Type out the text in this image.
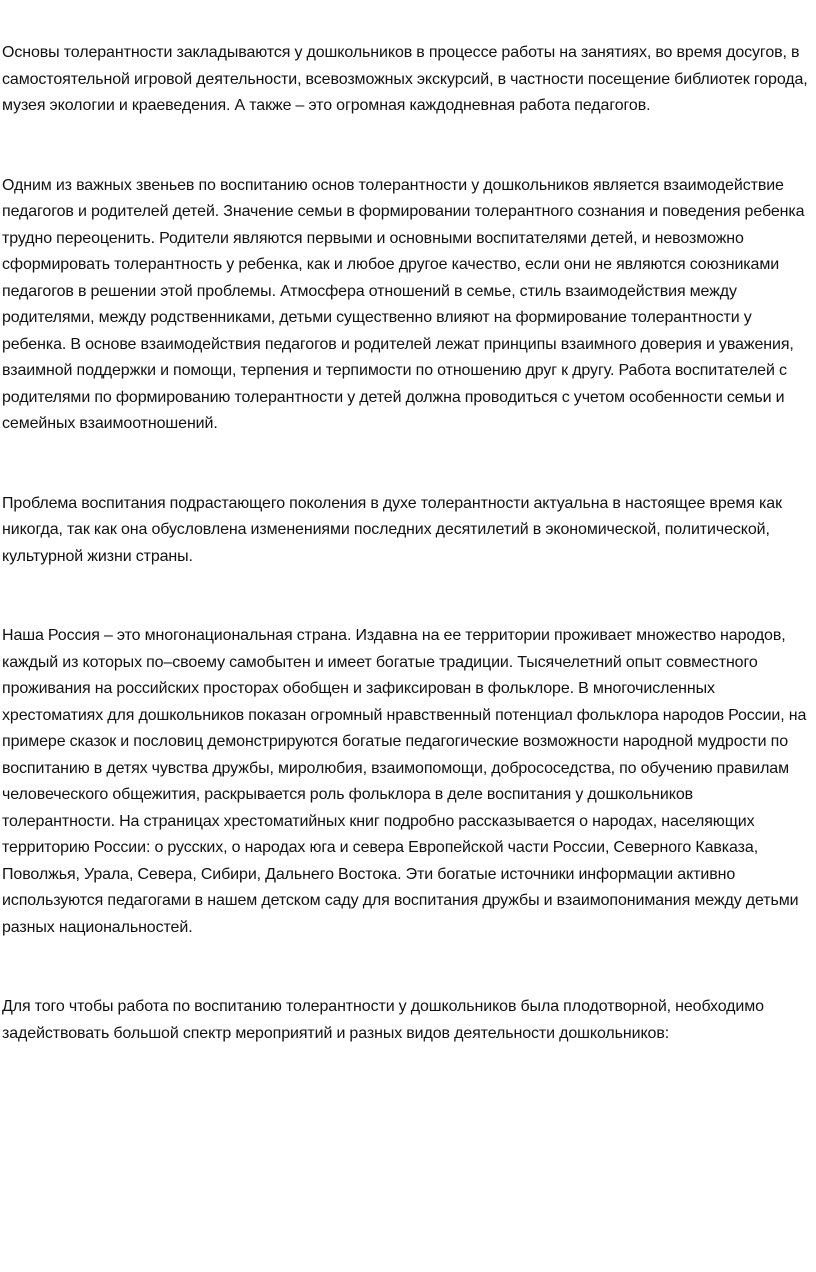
Основы толерантности закладываются у дошкольников в процессе работы на занятиях, во время досугов, в самостоятельной игровой деятельности, всевозможных экскурсий, в частности посещение библиотек города, музея экологии и краеведения. А также – это огромная каждодневная работа педагогов.

Одним из важных звеньев по воспитанию основ толерантности у дошкольников является взаимодействие педагогов и родителей детей. Значение семьи в формировании толерантного сознания и поведения ребенка трудно переоценить. Родители являются первыми и основными воспитателями детей, и невозможно сформировать толерантность у ребенка, как и любое другое качество, если они не являются союзниками педагогов в решении этой проблемы. Атмосфера отношений в семье, стиль взаимодействия между родителями, между родственниками, детьми существенно влияют на формирование толерантности у ребенка. В основе взаимодействия педагогов и родителей лежат принципы взаимного доверия и уважения, взаимной поддержки и помощи, терпения и терпимости по отношению друг к другу. Работа воспитателей с родителями по формированию толерантности у детей должна проводиться с учетом особенности семьи и семейных взаимоотношений.

Проблема воспитания подрастающего поколения в духе толерантности актуальна в настоящее время как никогда, так как она обусловлена изменениями последних десятилетий в экономической, политической, культурной жизни страны.

Наша Россия – это многонациональная страна. Издавна на ее территории проживает множество народов, каждый из которых по–своему самобытен и имеет богатые традиции. Тысячелетний опыт совместного проживания на российских просторах обобщен и зафиксирован в фольклоре. В многочисленных хрестоматиях для дошкольников показан огромный нравственный потенциал фольклора народов России, на примере сказок и пословиц демонстрируются богатые педагогические возможности народной мудрости по воспитанию в детях чувства дружбы, миролюбия, взаимопомощи, добрососедства, по обучению правилам человеческого общежития, раскрывается роль фольклора в деле воспитания у дошкольников толерантности. На страницах хрестоматийных книг подробно рассказывается о народах, населяющих территорию России: о русских, о народах юга и севера Европейской части России, Северного Кавказа, Поволжья, Урала, Севера, Сибири, Дальнего Востока. Эти богатые источники информации активно используются педагогами в нашем детском саду для воспитания дружбы и взаимопонимания между детьми разных национальностей.

Для того чтобы работа по воспитанию толерантности у дошкольников была плодотворной, необходимо задействовать большой спектр мероприятий и разных видов деятельности дошкольников:
